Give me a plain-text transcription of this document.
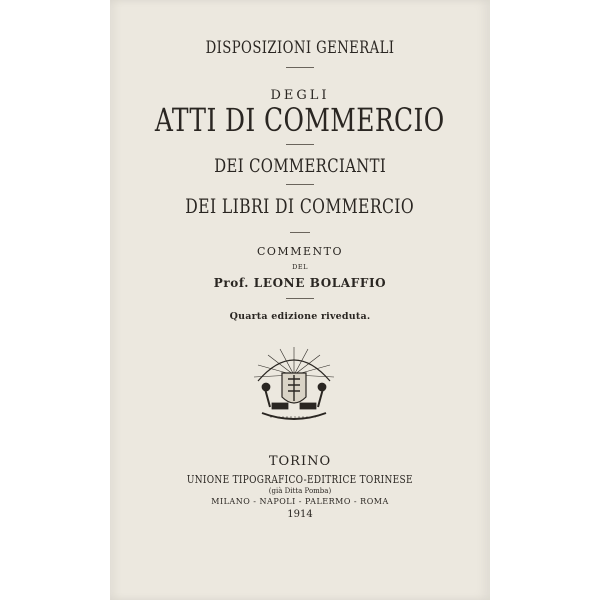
DISPOSIZIONI GENERALI
DEGLI
ATTI DI COMMERCIO
DEI COMMERCIANTI
DEI LIBRI DI COMMERCIO
COMMENTO
DEL
Prof. LEONE BOLAFFIO
Quarta edizione riveduta.
TORINO
UNIONE TIPOGRAFICO-EDITRICE TORINESE
(già Ditta Pomba)
MILANO - NAPOLI - PALERMO - ROMA
1914
